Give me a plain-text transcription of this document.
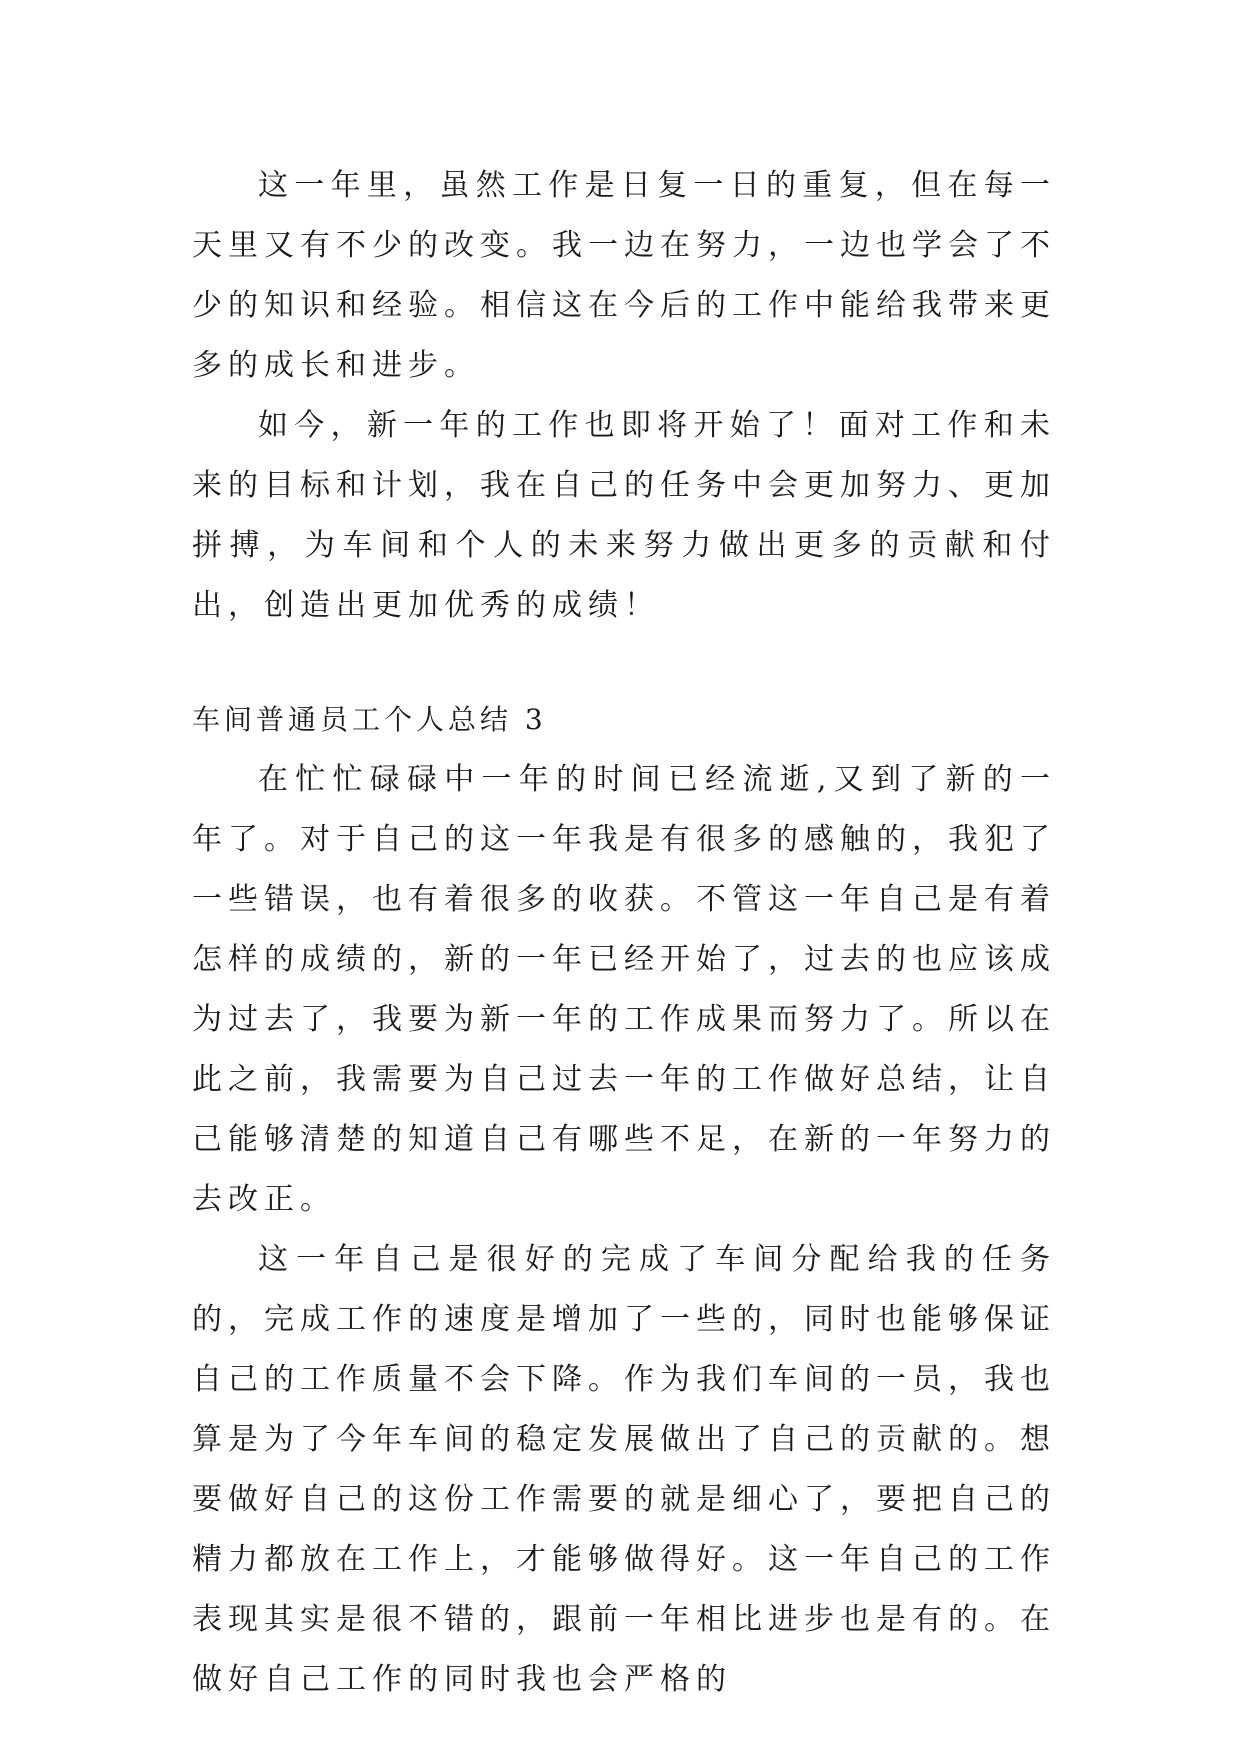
这一年里，虽然工作是日复一日的重复，但在每一天里又有不少的改变。我一边在努力，一边也学会了不少的知识和经验。相信这在今后的工作中能给我带来更多的成长和进步。

如今，新一年的工作也即将开始了！面对工作和未来的目标和计划，我在自己的任务中会更加努力、更加拼搏，为车间和个人的未来努力做出更多的贡献和付出，创造出更加优秀的成绩！

车间普通员工个人总结 3

在忙忙碌碌中一年的时间已经流逝,又到了新的一年了。对于自己的这一年我是有很多的感触的，我犯了一些错误，也有着很多的收获。不管这一年自己是有着怎样的成绩的，新的一年已经开始了，过去的也应该成为过去了，我要为新一年的工作成果而努力了。所以在此之前，我需要为自己过去一年的工作做好总结，让自己能够清楚的知道自己有哪些不足，在新的一年努力的去改正。

这一年自己是很好的完成了车间分配给我的任务的，完成工作的速度是增加了一些的，同时也能够保证自己的工作质量不会下降。作为我们车间的一员，我也算是为了今年车间的稳定发展做出了自己的贡献的。想要做好自己的这份工作需要的就是细心了，要把自己的精力都放在工作上，才能够做得好。这一年自己的工作表现其实是很不错的，跟前一年相比进步也是有的。在做好自己工作的同时我也会严格的
